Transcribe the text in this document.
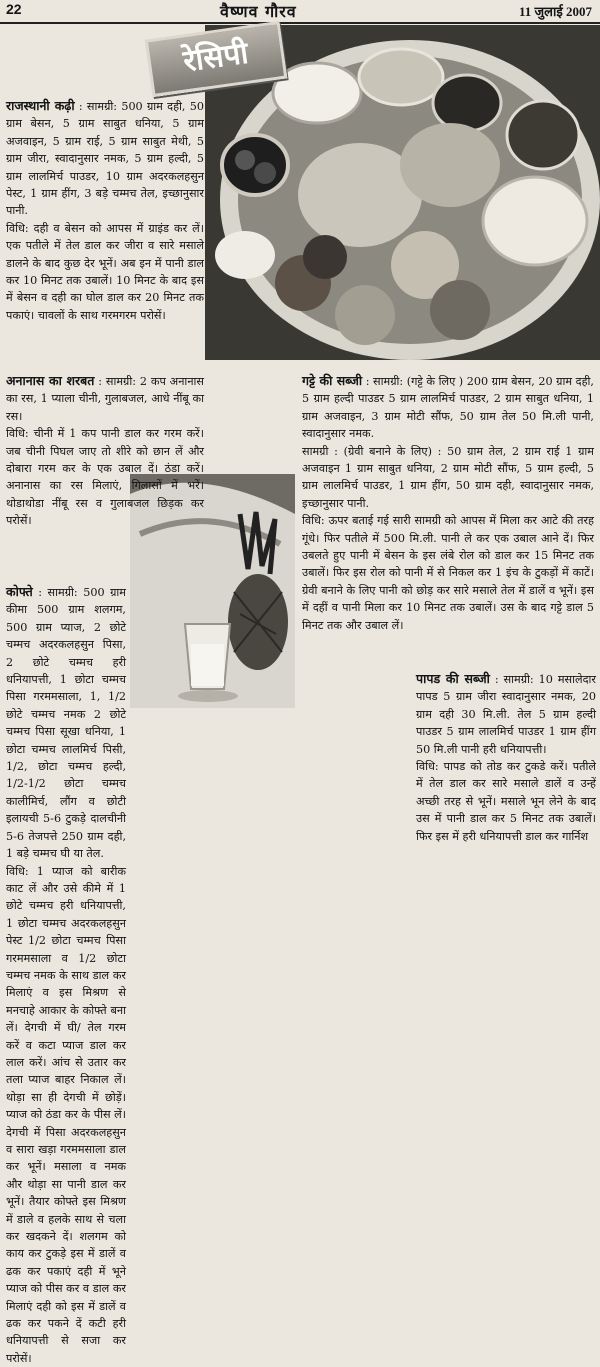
22	वैष्णव गौरव	11 जुलाई 2007
रेसिपी
राजस्थानी कढ़ी : सामग्री: 500 ग्राम दही, 50 ग्राम बेसन, 5 ग्राम साबुत धनिया, 5 ग्राम अजवाइन, 5 ग्राम राई, 5 ग्राम साबुत मेथी, 5 ग्राम जीरा, स्वादानुसार नमक, 5 ग्राम हल्दी, 5 ग्राम लालमिर्च पाउडर, 10 ग्राम अदरकलहसुन पेस्ट, 1 ग्राम हींग, 3 बड़े चम्मच तेल, इच्छानुसार पानी.
विधि: दही व बेसन को आपस में ग्राइंड कर लें। एक पतीले में तेल डाल कर जीरा व सारे मसाले डालने के बाद कुछ देर भूनें। अब इन में पानी डाल कर 10 मिनट तक उबालें। 10 मिनट के बाद इस में बेसन व दही का घोल डाल कर 20 मिनट तक पकाएं। चावलों के साथ गरमगरम परोसें।
अनानास का शरबत : सामग्री: 2 कप अनानास का रस, 1 प्याला चीनी, गुलाबजल, आधे नींबू का रस।
विधि: चीनी में 1 कप पानी डाल कर गरम करें। जब चीनी पिघल जाए तो शीरे को छान लें और दोबारा गरम कर के एक उबाल दें। ठंडा करें। अनानास का रस मिलाएं, गिलासों में भरें। थोडाथोडा नींबू रस व गुलाबजल छिड़क कर परोसें।
कोफ्ते : सामग्री: 500 ग्राम कीमा 500 ग्राम शलगम, 500 ग्राम प्याज, 2 छोटे चम्मच अदरकलहसुन पिसा, 2 छोटे चम्मच हरी धनियापत्ती, 1 छोटा चम्मच पिसा गरममसाला, 1, 1/2 छोटे चम्मच नमक 2 छोटे चम्मच पिसा सूखा धनिया, 1 छोटा चम्मच लालमिर्च पिसी, 1/2, छोटा चम्मच हल्दी, 1/2-1/2 छोटा चम्मच कालीमिर्च, लौंग व छोटी इलायची 5-6 टुकड़े दालचीनी 5-6 तेजपत्ते 250 ग्राम दही, 1 बड़े चम्मच घी या तेल.
विधि: 1 प्याज को बारीक काट लें और उसे कीमे में 1 छोटे चम्मच हरी धनियापत्ती, 1 छोटा चम्मच अदरकलहसुन पेस्ट 1/2 छोटा चम्मच पिसा गरममसाला व 1/2 छोटा चम्मच नमक के साथ डाल कर मिलाएं व इस मिश्रण से मनचाहे आकार के कोफ्ते बना लें। देगची में घी/ तेल गरम करें व कटा प्याज डाल कर लाल करें। आंच से उतार कर तला प्याज बाहर निकाल लें। थोड़ा सा ही देगची में छोड़ें। प्याज को ठंडा कर के पीस लें। देगची में पिसा अदरकलहसुन व सारा खड़ा गरममसाला डाल कर भूनें। मसाला व नमक और थोड़ा सा पानी डाल कर भूनें। तैयार कोफ्ते इस मिश्रण में डाले व हलके साथ से चला कर खदकने दें। शलगम को काय कर टुकड़े इस में डालें व ढक कर पकाएं दही में भूने प्याज को पीस कर व डाल कर मिलाएं दही को इस में डालें व ढक कर पकने दें कटी हरी धनियापत्ती से सजा कर परोसें।
गट्टे की सब्जी : सामग्री: (गट्टे के लिए ) 200 ग्राम बेसन, 20 ग्राम दही, 5 ग्राम हल्दी पाउडर 5 ग्राम लालमिर्च पाउडर, 2 ग्राम साबुत धनिया, 1 ग्राम अजवाइन, 3 ग्राम मोटी सौंफ, 50 ग्राम तेल 50 मि.ली पानी, स्वादानुसार नमक.
सामग्री : (ग्रेवी बनाने के लिए) : 50 ग्राम तेल, 2 ग्राम राई 1 ग्राम अजवाइन 1 ग्राम साबुत धनिया, 2 ग्राम मोटी सौंफ, 5 ग्राम हल्दी, 5 ग्राम लालमिर्च पाउडर, 1 ग्राम हींग, 50 ग्राम दही, स्वादानुसार नमक, इच्छानुसार पानी.
विधि: ऊपर बताई गई सारी सामग्री को आपस में मिला कर आटे की तरह गूंधे। फिर पतीले में 500 मि.ली. पानी ले कर एक उबाल आने दें। फिर उबलते हुए पानी में बेसन के इस लंबे रोल को डाल कर 15 मिनट तक उबालें। फिर इस रोल को पानी में से निकल कर 1 इंच के टुकड़ों में काटें। ग्रेवी बनाने के लिए पानी को छोड़ कर सारे मसाले तेल में डालें व भूनें। इस में दहीं व पानी मिला कर 10 मिनट तक उबालें। उस के बाद गट्टे डाल 5 मिनट तक और उबाल लें।
पापड की सब्जी : सामग्री: 10 मसालेदार पापड 5 ग्राम जीरा स्वादानुसार नमक, 20 ग्राम दही 30 मि.ली. तेल 5 ग्राम हल्दी पाउडर 5 ग्राम लालमिर्च पाउडर 1 ग्राम हींग 50 मि.ली पानी हरी धनियापत्ती।
विधि: पापड को तोड कर टुकडे करें। पतीले में तेल डाल कर सारे मसाले डालें व उन्हें अच्छी तरह से भूनें। मसाले भून लेने के बाद उस में पानी डाल कर 5 मिनट तक उबालें। फिर इस में हरी धनियापत्ती डाल कर गार्निश
